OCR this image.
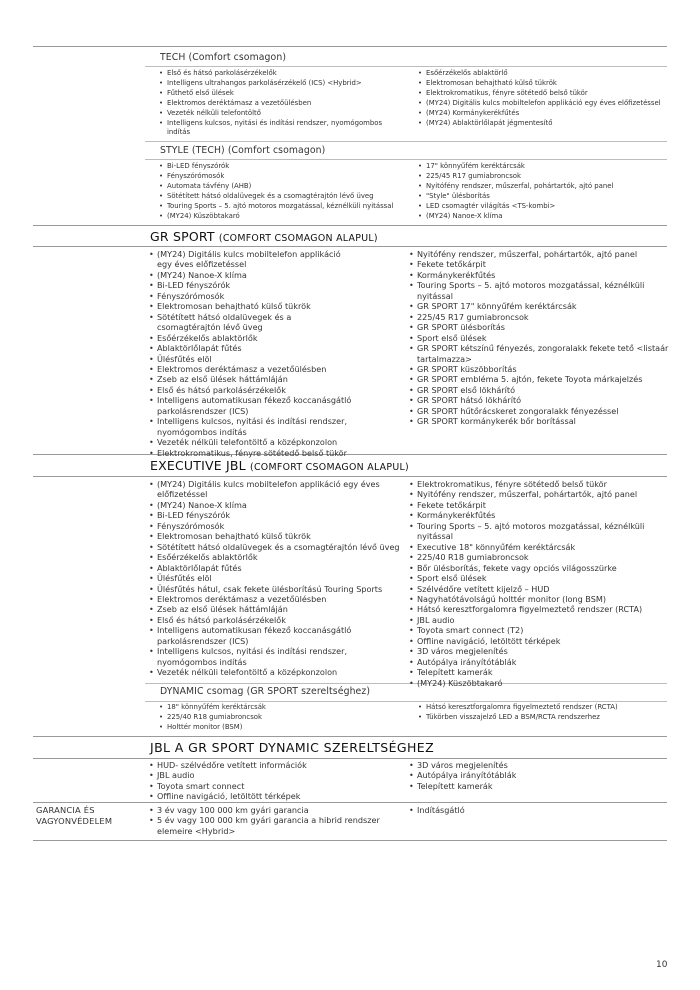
TECH (Comfort csomagon)
• Első és hátsó parkolásérzékelők
• Intelligens ultrahangos parkolásérzékelő (ICS) <Hybrid>
• Fűthető első ülések
• Elektromos deréktámasz a vezetőülésben
• Vezeték nélküli telefontöltő
• Intelligens kulcsos, nyitási és indítási rendszer, nyomógombos indítás
• Esőérzékelős ablaktörlő
• Elektromosan behajtható külső tükrök
• Elektrokromatikus, fényre sötétedő belső tükör
• (MY24) Digitális kulcs mobiltelefon applikáció egy éves előfizetéssel
• (MY24) Kormánykerékfűtés
• (MY24) Ablaktörlőlapát jégmentesítő
STYLE (TECH) (Comfort csomagon)
• Bi-LED fényszórók
• Fényszórómosók
• Automata távfény (AHB)
• Sötétített hátsó oldalüvegek és a csomagtérajtón lévő üveg
• Touring Sports – 5. ajtó motoros mozgatással, kéznélküli nyitással
• (MY24) Küszöbtakaró
• 17" könnyűfém keréktárcsák
• 225/45 R17 gumiabroncsok
• Nyitófény rendszer, műszerfal, pohártartók, ajtó panel
• "Style" ülésborítás
• LED csomagtér világítás <TS-kombi>
• (MY24) Nanoe-X klíma
GR SPORT (COMFORT CSOMAGON ALAPUL)
• (MY24) Digitális kulcs mobiltelefon applikáció egy éves előfizetéssel
• (MY24) Nanoe-X klíma
• Bi-LED fényszórók
• Fényszórómosók
• Elektromosan behajtható külső tükrök
• Sötétített hátsó oldalüvegek és a csomagtérajtón lévő üveg
• Esőérzékelős ablaktörlők
• Ablaktörlőlapát fűtés
• Ülésfűtés elöl
• Elektromos deréktámasz a vezetőülésben
• Zseb az első ülések háttámláján
• Első és hátsó parkolásérzékelők
• Intelligens automatikusan fékező koccanásgátló parkolásrendszer (ICS)
• Intelligens kulcsos, nyitási és indítási rendszer, nyomógombos indítás
• Vezeték nélküli telefontöltő a középkonzolon
• Elektrokromatikus, fényre sötétedő belső tükör
• Nyitófény rendszer, műszerfal, pohártartók, ajtó panel
• Fekete tetőkárpit
• Kormánykerékfűtés
• Touring Sports – 5. ajtó motoros mozgatással, kéznélküli nyitással
• GR SPORT 17" könnyűfém keréktárcsák
• 225/45 R17 gumiabroncsok
• GR SPORT ülésborítás
• Sport első ülések
• GR SPORT kétszínű fényezés, zongoralakk fekete tető <listaár tartalmazza>
• GR SPORT küszöbborítás
• GR SPORT embléma 5. ajtón, fekete Toyota márkajelzés
• GR SPORT első lökhárító
• GR SPORT hátsó lökhárító
• GR SPORT hűtőrácskeret zongoralakk fényezéssel
• GR SPORT kormánykerék bőr borítással
EXECUTIVE JBL (COMFORT CSOMAGON ALAPUL)
• (MY24) Digitális kulcs mobiltelefon applikáció egy éves előfizetéssel
• (MY24) Nanoe-X klíma
• Bi-LED fényszórók
• Fényszórómosók
• Elektromosan behajtható külső tükrök
• Sötétített hátsó oldalüvegek és a csomagtérajtón lévő üveg
• Esőérzékelős ablaktörlők
• Ablaktörlőlapát fűtés
• Ülésfűtés elöl
• Ülésfűtés hátul, csak fekete ülésborítású Touring Sports
• Elektromos deréktámasz a vezetőülésben
• Zseb az első ülések háttámláján
• Első és hátsó parkolásérzékelők
• Intelligens automatikusan fékező koccanásgátló parkolásrendszer (ICS)
• Intelligens kulcsos, nyitási és indítási rendszer, nyomógombos indítás
• Vezeték nélküli telefontöltő a középkonzolon
• Elektrokromatikus, fényre sötétedő belső tükör
• Nyitófény rendszer, műszerfal, pohártartók, ajtó panel
• Fekete tetőkárpit
• Kormánykerékfűtés
• Touring Sports – 5. ajtó motoros mozgatással, kéznélküli nyitással
• Executive 18" könnyűfém keréktárcsák
• 225/40 R18 gumiabroncsok
• Bőr ülésborítás, fekete vagy opciós világosszürke
• Sport első ülések
• Szélvédőre vetített kijelző – HUD
• Nagyhatótávolságú holttér monitor (long BSM)
• Hátsó keresztforgalomra figyelmeztető rendszer (RCTA)
• JBL audio
• Toyota smart connect (T2)
• Offline navigáció, letöltött térképek
• 3D város megjelenítés
• Autópálya irányítótáblák
• Telepített kamerák
• (MY24) Küszöbtakaró
DYNAMIC csomag (GR SPORT szereltséghez)
• 18" könnyűfém keréktárcsák
• 225/40 R18 gumiabroncsok
• Holttér monitor (BSM)
• Hátsó keresztforgalomra figyelmeztető rendszer (RCTA)
• Tükörben visszajelző LED a BSM/RCTA rendszerhez
JBL A GR SPORT DYNAMIC SZERELTSÉGHEZ
• HUD- szélvédőre vetített információk
• JBL audio
• Toyota smart connect
• Offline navigáció, letöltött térképek
• 3D város megjelenítés
• Autópálya irányítótáblák
• Telepített kamerák
GARANCIA ÉS VAGYONVÉDELEM
• 3 év vagy 100 000 km gyári garancia
• 5 év vagy 100 000 km gyári garancia a hibrid rendszer elemeire <Hybrid>
• Indításgátló
10
